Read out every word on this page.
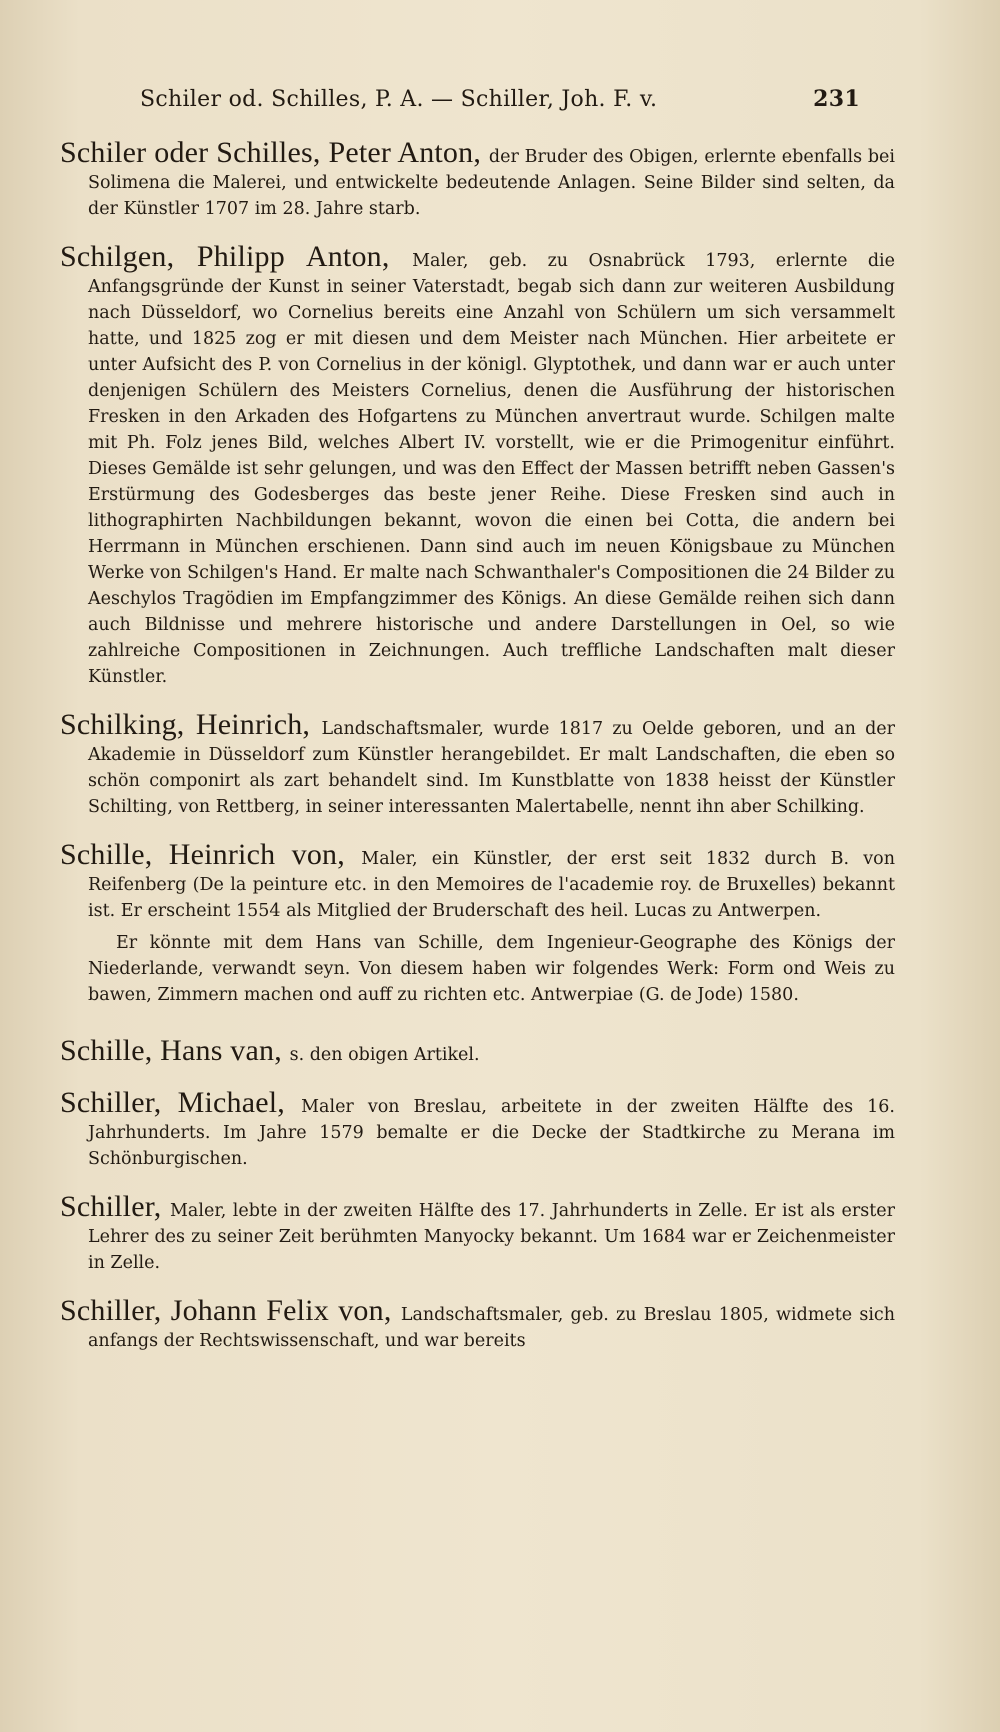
Schiler od. Schilles, P. A. — Schiller, Joh. F. v.	231

Schiler oder Schilles, Peter Anton, der Bruder des Obigen, erlernte ebenfalls bei Solimena die Malerei, und entwickelte bedeutende Anlagen. Seine Bilder sind selten, da der Künstler 1707 im 28. Jahre starb.

Schilgen, Philipp Anton, Maler, geb. zu Osnabrück 1793, erlernte die Anfangsgründe der Kunst in seiner Vaterstadt, begab sich dann zur weiteren Ausbildung nach Düsseldorf, wo Cornelius bereits eine Anzahl von Schülern um sich versammelt hatte, und 1825 zog er mit diesen und dem Meister nach München. Hier arbeitete er unter Aufsicht des P. von Cornelius in der königl. Glyptothek, und dann war er auch unter denjenigen Schülern des Meisters Cornelius, denen die Ausführung der historischen Fresken in den Arkaden des Hofgartens zu München anvertraut wurde. Schilgen malte mit Ph. Folz jenes Bild, welches Albert IV. vorstellt, wie er die Primogenitur einführt. Dieses Gemälde ist sehr gelungen, und was den Effect der Massen betrifft neben Gassen's Erstürmung des Godesberges das beste jener Reihe. Diese Fresken sind auch in lithographirten Nachbildungen bekannt, wovon die einen bei Cotta, die andern bei Herrmann in München erschienen. Dann sind auch im neuen Königsbaue zu München Werke von Schilgen's Hand. Er malte nach Schwanthaler's Compositionen die 24 Bilder zu Aeschylos Tragödien im Empfangzimmer des Königs. An diese Gemälde reihen sich dann auch Bildnisse und mehrere historische und andere Darstellungen in Oel, so wie zahlreiche Compositionen in Zeichnungen. Auch treffliche Landschaften malt dieser Künstler.

Schilking, Heinrich, Landschaftsmaler, wurde 1817 zu Oelde geboren, und an der Akademie in Düsseldorf zum Künstler herangebildet. Er malt Landschaften, die eben so schön componirt als zart behandelt sind. Im Kunstblatte von 1838 heisst der Künstler Schilting, von Rettberg, in seiner interessanten Malertabelle, nennt ihn aber Schilking.

Schille, Heinrich von, Maler, ein Künstler, der erst seit 1832 durch B. von Reifenberg (De la peinture etc. in den Memoires de l'academie roy. de Bruxelles) bekannt ist. Er erscheint 1554 als Mitglied der Bruderschaft des heil. Lucas zu Antwerpen.

Er könnte mit dem Hans van Schille, dem Ingenieur-Geographe des Königs der Niederlande, verwandt seyn. Von diesem haben wir folgendes Werk: Form ond Weis zu bawen, Zimmern machen ond auff zu richten etc. Antwerpiae (G. de Jode) 1580.

Schille, Hans van, s. den obigen Artikel.

Schiller, Michael, Maler von Breslau, arbeitete in der zweiten Hälfte des 16. Jahrhunderts. Im Jahre 1579 bemalte er die Decke der Stadtkirche zu Merana im Schönburgischen.

Schiller, Maler, lebte in der zweiten Hälfte des 17. Jahrhunderts in Zelle. Er ist als erster Lehrer des zu seiner Zeit berühmten Manyocky bekannt. Um 1684 war er Zeichenmeister in Zelle.

Schiller, Johann Felix von, Landschaftsmaler, geb. zu Breslau 1805, widmete sich anfangs der Rechtswissenschaft, und war bereits
